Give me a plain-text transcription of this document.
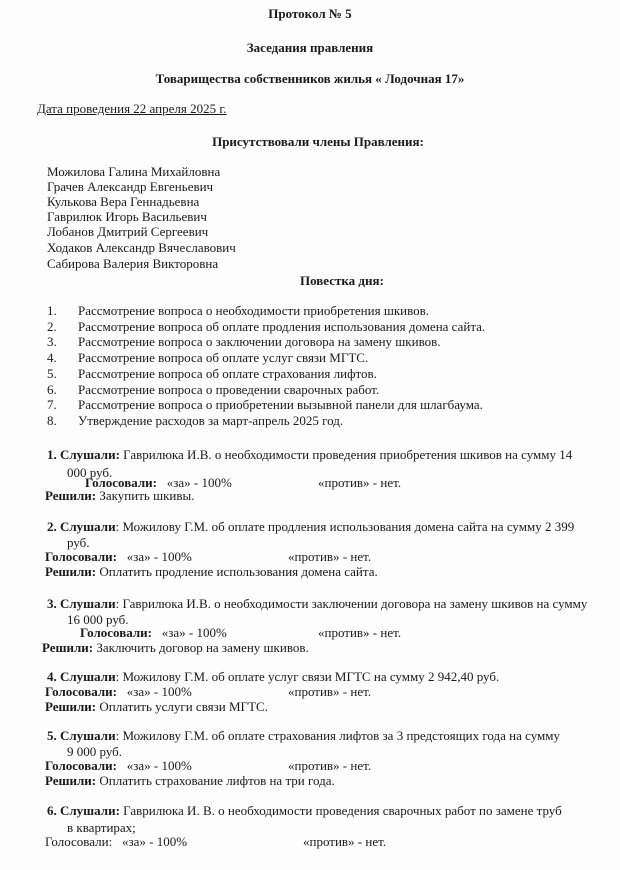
Протокол № 5
Заседания правления
Товарищества собственников жилья « Лодочная 17»
Дата проведения 22 апреля 2025 г.
Присутствовали члены Правления:
Повестка дня:
Можилова Галина Михайловна
Грачев Александр Евгеньевич
Кулькова Вера Геннадьевна
Гаврилюк Игорь Васильевич
Лобанов Дмитрий Сергеевич
Ходаков Александр Вячеславович
Сабирова Валерия Викторовна
1. Рассмотрение вопроса о необходимости приобретения шкивов.
2. Рассмотрение вопроса об оплате продления использования домена сайта.
3. Рассмотрение вопроса о заключении договора на замену шкивов.
4. Рассмотрение вопроса об оплате услуг связи МГТС.
5. Рассмотрение вопроса об оплате страхования лифтов.
6. Рассмотрение вопроса о проведении сварочных работ.
7. Рассмотрение вопроса о приобретении вызывной панели для шлагбаума.
8. Утверждение расходов за март-апрель 2025 год.
1. Слушали: Гаврилюка И.В. о необходимости проведения приобретения шкивов на сумму 14
000 руб.
Голосовали: «за» - 100%	«против» - нет.
Решили: Закупить шкивы.
2. Слушали: Можилову Г.М. об оплате продления использования домена сайта на сумму 2 399
руб.
Голосовали: «за» - 100%	«против» - нет.
Решили: Оплатить продление использования домена сайта.
3. Слушали: Гаврилюка И.В. о необходимости заключении договора на замену шкивов на сумму
16 000 руб.
Голосовали: «за» - 100%	«против» - нет.
Решили: Заключить договор на замену шкивов.
4. Слушали: Можилову Г.М. об оплате услуг связи МГТС на сумму 2 942,40 руб.
Голосовали: «за» - 100%	«против» - нет.
Решили: Оплатить услуги связи МГТС.
5. Слушали: Можилову Г.М. об оплате страхования лифтов за 3 предстоящих года на сумму
9 000 руб.
Голосовали: «за» - 100%	«против» - нет.
Решили: Оплатить страхование лифтов на три года.
6. Слушали: Гаврилюка И. В. о необходимости проведения сварочных работ по замене труб
в квартирах;
Голосовали: «за» - 100%	«против» - нет.
